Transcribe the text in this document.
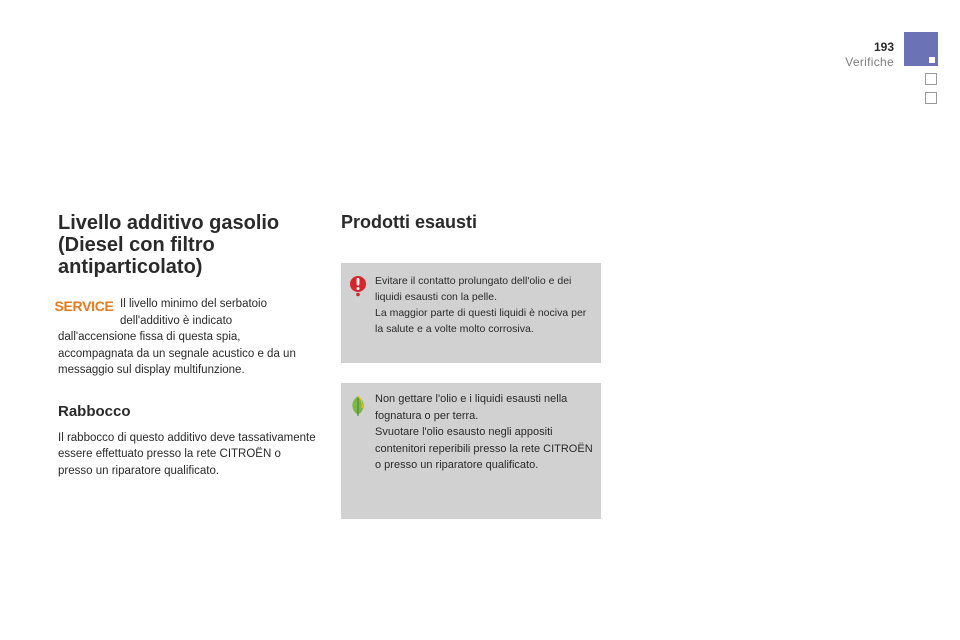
193
Verifiche
Livello additivo gasolio
(Diesel con filtro
antiparticolato)
SERVICE Il livello minimo del serbatoio

dell'additivo è indicato

dall'accensione fissa di questa spia, accompagnata da un segnale acustico e da un messaggio sul display multifunzione.

Rabbocco

Il rabbocco di questo additivo deve tassativamente essere effettuato presso la rete CITROËN o presso un riparatore qualificato.

Prodotti esausti
Evitare il contatto prolungato dell'olio e dei liquidi esausti con la pelle.
La maggior parte di questi liquidi è nociva per la salute e a volte molto corrosiva.
Non gettare l'olio e i liquidi esausti nella fognatura o per terra.
Svuotare l'olio esausto negli appositi contenitori reperibili presso la rete CITROËN o presso un riparatore qualificato.
